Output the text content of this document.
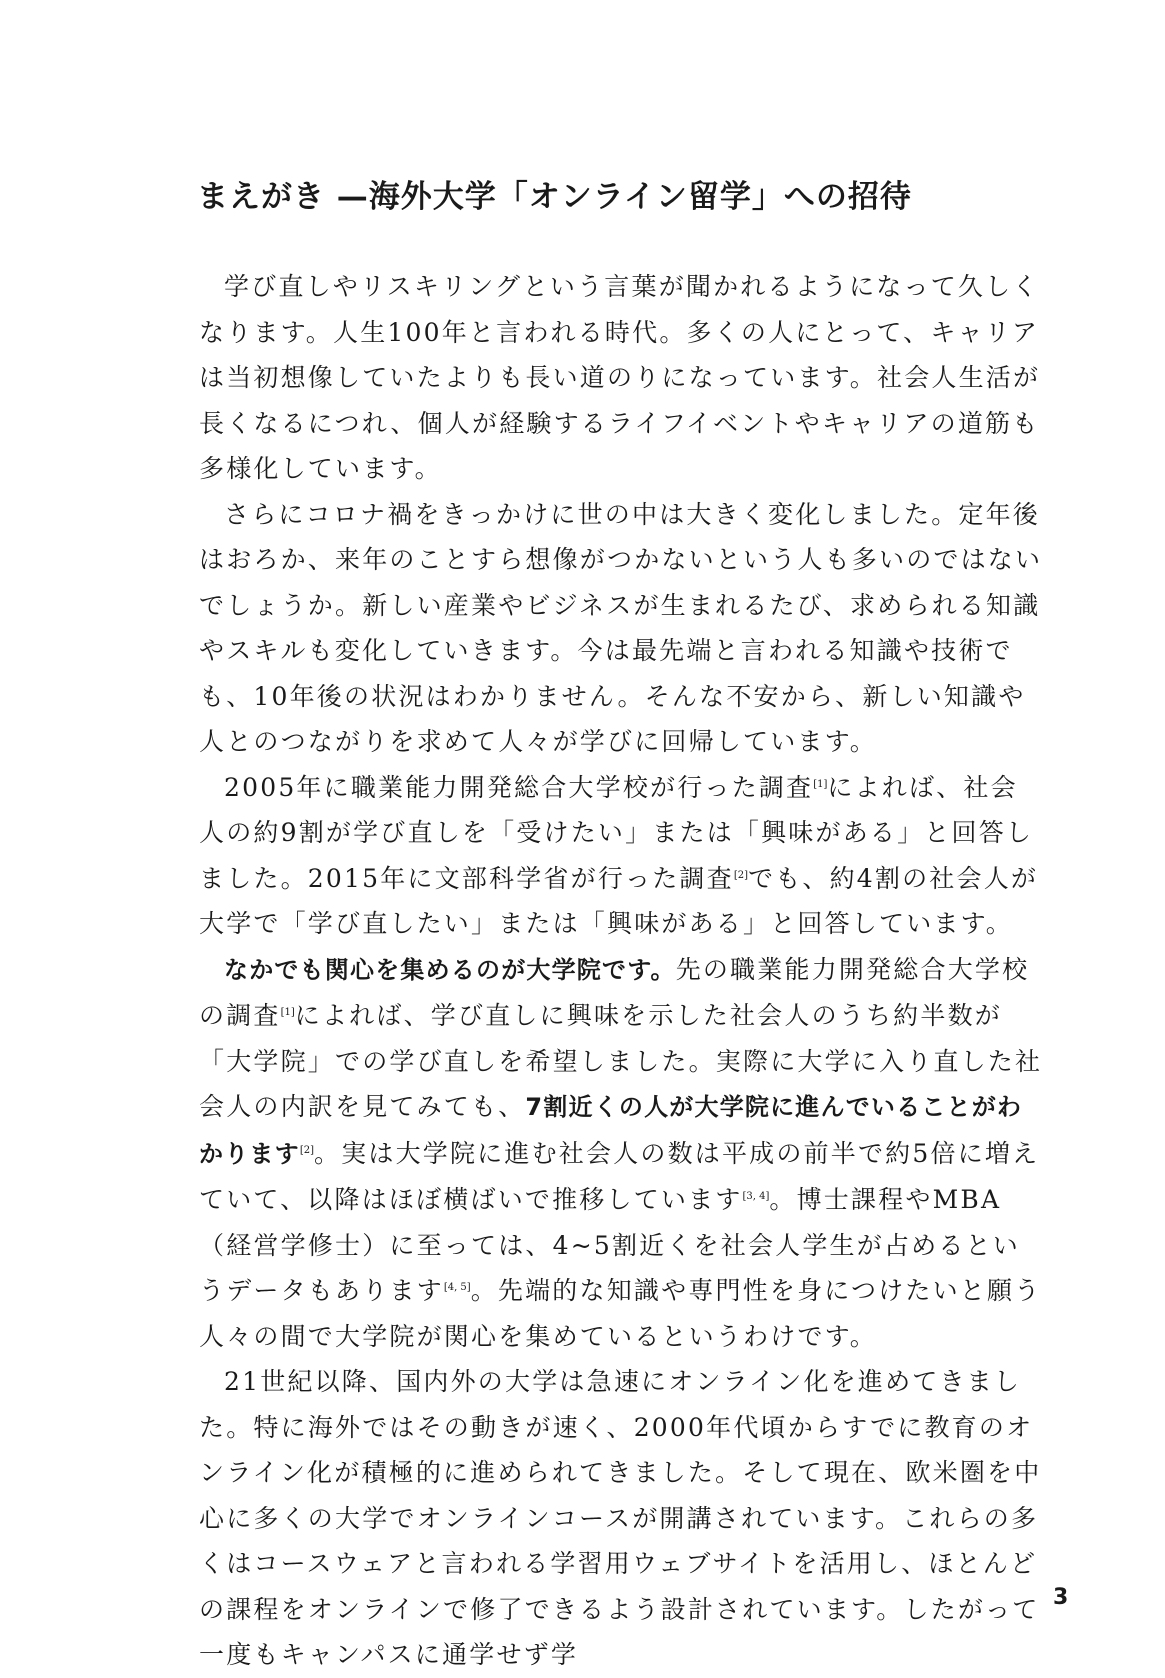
まえがき —海外大学「オンライン留学」への招待

学び直しやリスキリングという言葉が聞かれるようになって久しくなります。人生100年と言われる時代。多くの人にとって、キャリアは当初想像していたよりも長い道のりになっています。社会人生活が長くなるにつれ、個人が経験するライフイベントやキャリアの道筋も多様化しています。

さらにコロナ禍をきっかけに世の中は大きく変化しました。定年後はおろか、来年のことすら想像がつかないという人も多いのではないでしょうか。新しい産業やビジネスが生まれるたび、求められる知識やスキルも変化していきます。今は最先端と言われる知識や技術でも、10年後の状況はわかりません。そんな不安から、新しい知識や人とのつながりを求めて人々が学びに回帰しています。

2005年に職業能力開発総合大学校が行った調査[1]によれば、社会人の約9割が学び直しを「受けたい」または「興味がある」と回答しました。2015年に文部科学省が行った調査[2]でも、約4割の社会人が大学で「学び直したい」または「興味がある」と回答しています。

なかでも関心を集めるのが大学院です。先の職業能力開発総合大学校の調査[1]によれば、学び直しに興味を示した社会人のうち約半数が「大学院」での学び直しを希望しました。実際に大学に入り直した社会人の内訳を見てみても、7割近くの人が大学院に進んでいることがわかります[2]。実は大学院に進む社会人の数は平成の前半で約5倍に増えていて、以降はほぼ横ばいで推移しています[3, 4]。博士課程やMBA（経営学修士）に至っては、4~5割近くを社会人学生が占めるというデータもあります[4, 5]。先端的な知識や専門性を身につけたいと願う人々の間で大学院が関心を集めているというわけです。

21世紀以降、国内外の大学は急速にオンライン化を進めてきました。特に海外ではその動きが速く、2000年代頃からすでに教育のオンライン化が積極的に進められてきました。そして現在、欧米圏を中心に多くの大学でオンラインコースが開講されています。これらの多くはコースウェアと言われる学習用ウェブサイトを活用し、ほとんどの課程をオンラインで修了できるよう設計されています。したがって一度もキャンパスに通学せず学

3
